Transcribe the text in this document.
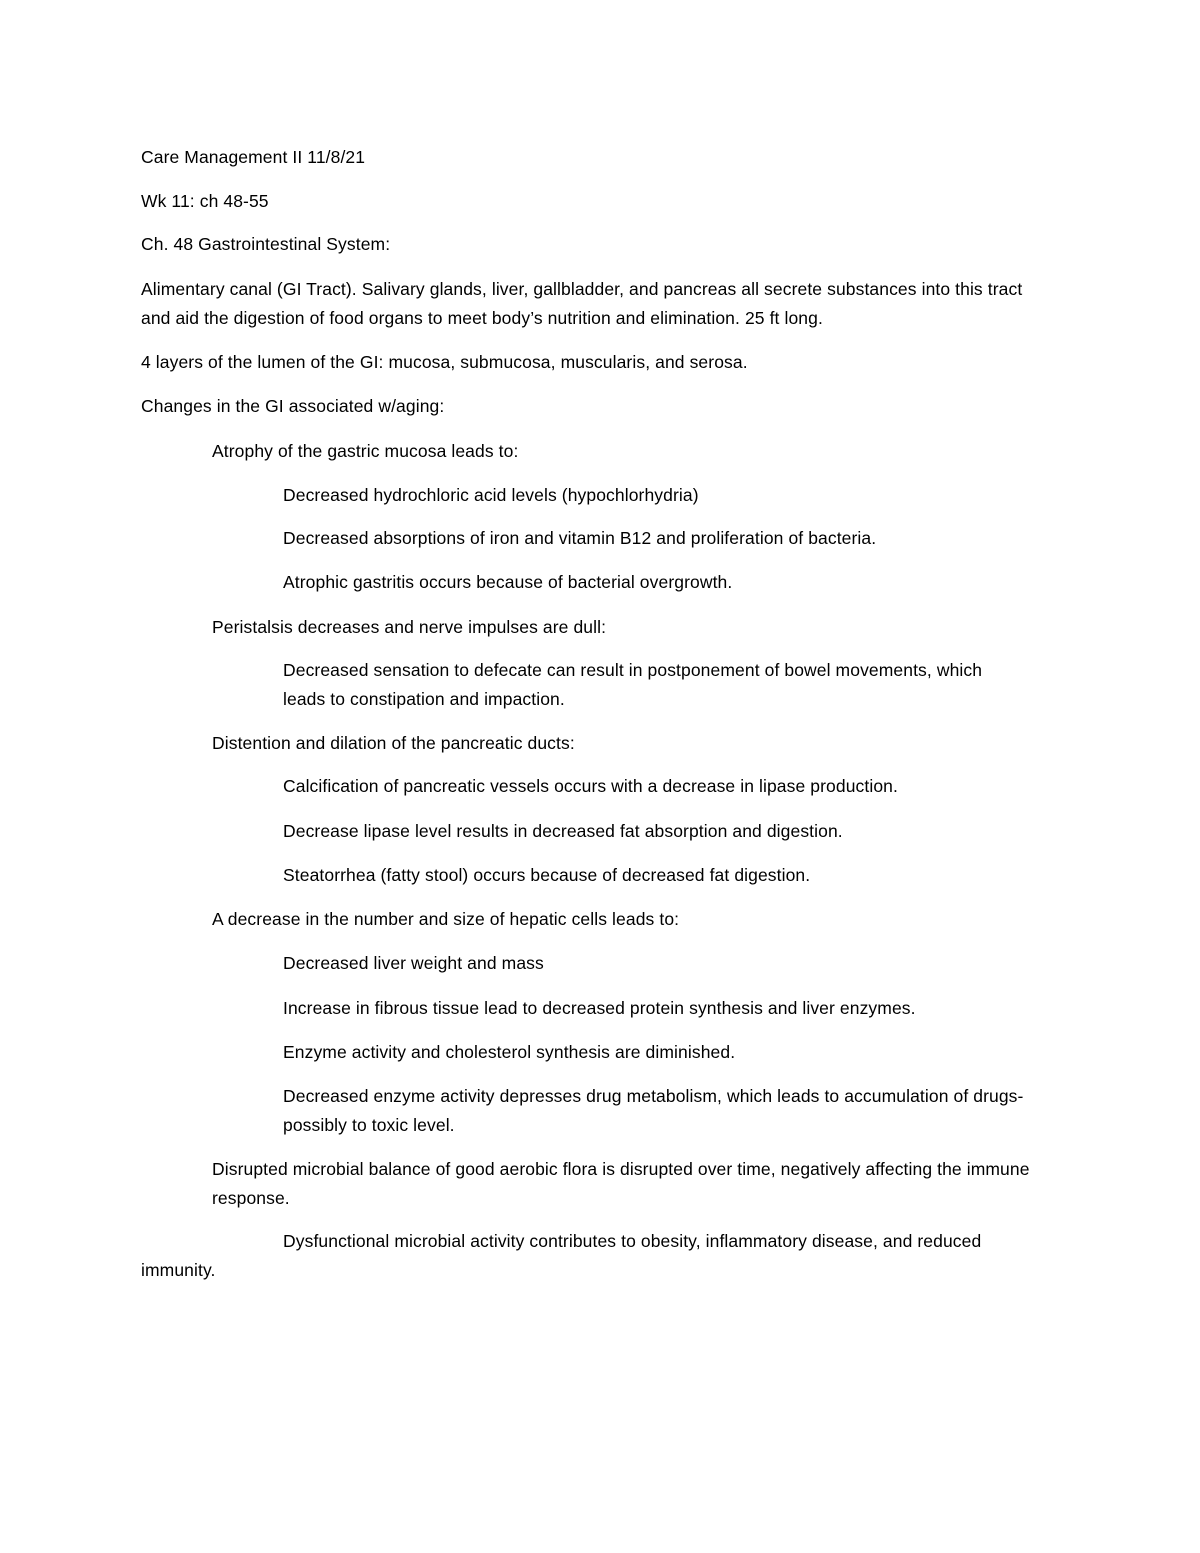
Care Management II 11/8/21

Wk 11: ch 48-55

Ch. 48 Gastrointestinal System:

Alimentary canal (GI Tract). Salivary glands, liver, gallbladder, and pancreas all secrete substances into this tract and aid the digestion of food organs to meet body’s nutrition and elimination. 25 ft long.

4 layers of the lumen of the GI: mucosa, submucosa, muscularis, and serosa.

Changes in the GI associated w/aging:

Atrophy of the gastric mucosa leads to:

Decreased hydrochloric acid levels (hypochlorhydria)

Decreased absorptions of iron and vitamin B12 and proliferation of bacteria.

Atrophic gastritis occurs because of bacterial overgrowth.

Peristalsis decreases and nerve impulses are dull:

Decreased sensation to defecate can result in postponement of bowel movements, which leads to constipation and impaction.

Distention and dilation of the pancreatic ducts:

Calcification of pancreatic vessels occurs with a decrease in lipase production.

Decrease lipase level results in decreased fat absorption and digestion.

Steatorrhea (fatty stool) occurs because of decreased fat digestion.

A decrease in the number and size of hepatic cells leads to:

Decreased liver weight and mass

Increase in fibrous tissue lead to decreased protein synthesis and liver enzymes.

Enzyme activity and cholesterol synthesis are diminished.

Decreased enzyme activity depresses drug metabolism, which leads to accumulation of drugs-possibly to toxic level.

Disrupted microbial balance of good aerobic flora is disrupted over time, negatively affecting the immune response.

Dysfunctional microbial activity contributes to obesity, inflammatory disease, and reduced immunity.
